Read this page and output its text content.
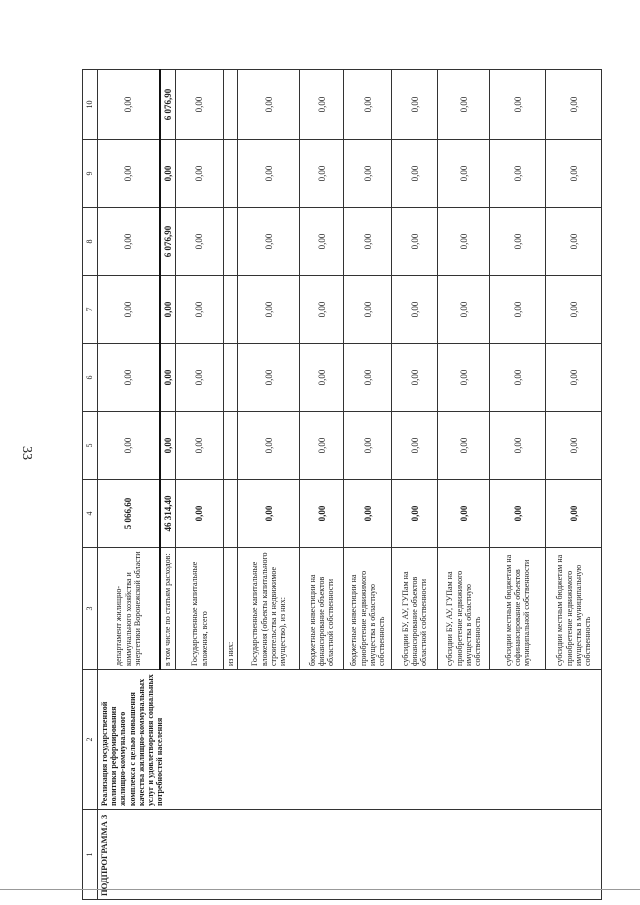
33
1	2	3	4	5	6	7	8	9	10
ПОДПРОГРАММА 3	Реализация государственной политики реформирования жилищно-коммунального комплекса с целью повышения качества жилищно-коммунальных услуг и удовлетворения социальных потребностей населения	департамент жилищно-коммунального хозяйства и энергетики Воронежской области	5 066,60	0,00	0,00	0,00	0,00	0,00	0,00
		в том числе по статьям расходов:	46 314,40	0,00	0,00	0,00	6 076,90	0,00	6 076,90
		Государственные капитальные вложения, всего	0,00	0,00	0,00	0,00	0,00	0,00	0,00
		из них:							
		Государственные капитальные вложения (объекты капитального строительства и недвижимое имущество), из них:	0,00	0,00	0,00	0,00	0,00	0,00	0,00
		бюджетные инвестиции на финансирование объектов областной собственности	0,00	0,00	0,00	0,00	0,00	0,00	0,00
		бюджетные инвестиции на приобретение недвижимого имущества в областную собственность	0,00	0,00	0,00	0,00	0,00	0,00	0,00
		субсидии БУ, АУ, ГУПам на финансирование объектов областной собственности	0,00	0,00	0,00	0,00	0,00	0,00	0,00
		субсидии БУ, АУ, ГУПам на приобретение недвижимого имущества в областную собственность	0,00	0,00	0,00	0,00	0,00	0,00	0,00
		субсидии местным бюджетам на софинансирование объектов муниципальной собственности	0,00	0,00	0,00	0,00	0,00	0,00	0,00
		субсидии местным бюджетам на приобретение недвижимого имущества в муниципальную собственность	0,00	0,00	0,00	0,00	0,00	0,00	0,00
